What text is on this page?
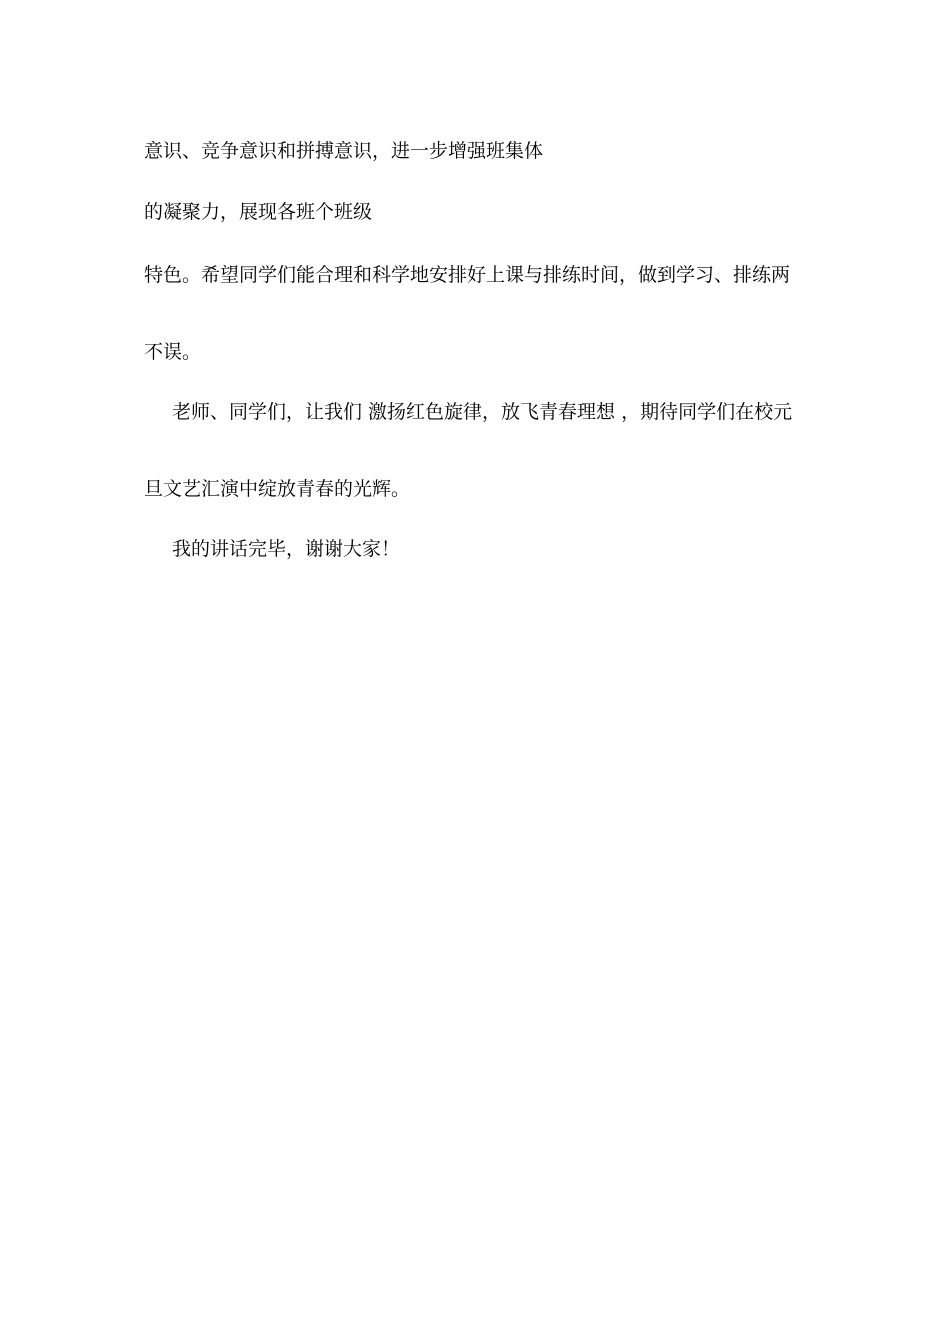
意识、竞争意识和拼搏意识，进一步增强班集体
的凝聚力，展现各班个班级
特色。希望同学们能合理和科学地安排好上课与排练时间，做到学习、排练两
不误。
老师、同学们，让我们 激扬红色旋律，放飞青春理想 ，期待同学们在校元
旦文艺汇演中绽放青春的光辉。
我的讲话完毕，谢谢大家！
